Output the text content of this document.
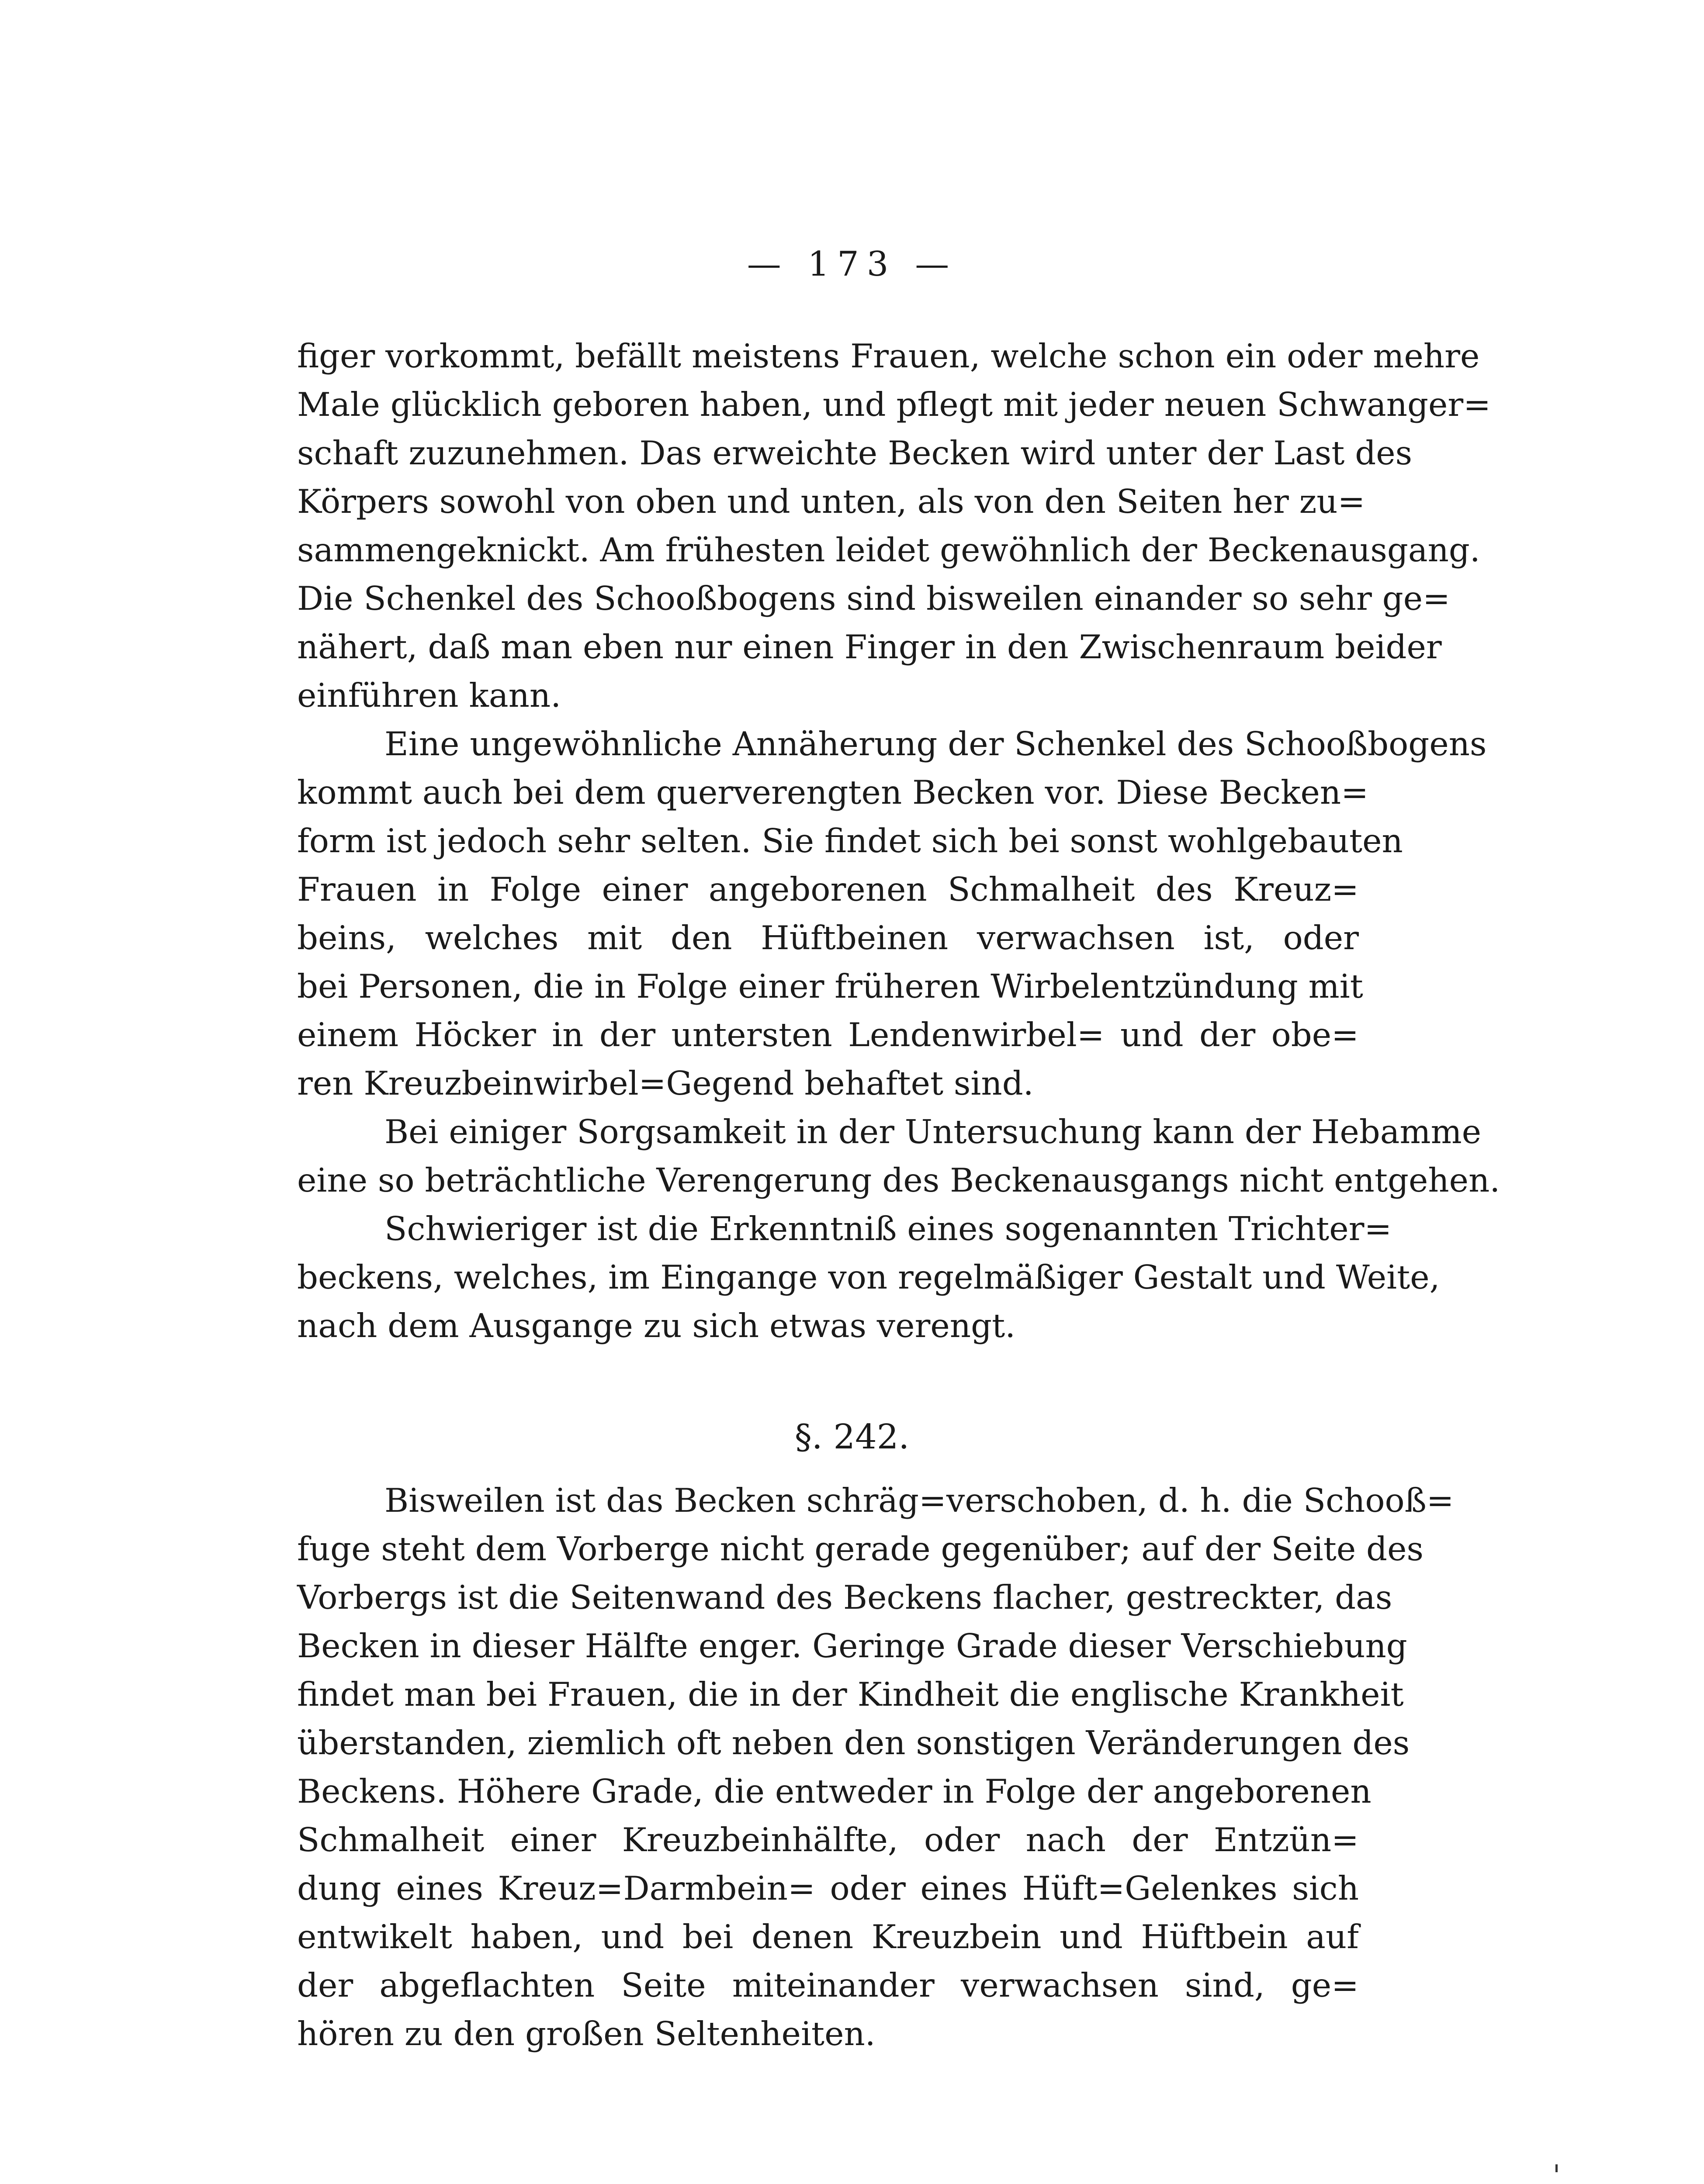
— 173 —
figer vorkommt, befällt meistens Frauen, welche schon ein oder mehre
Male glücklich geboren haben, und pflegt mit jeder neuen Schwanger=
schaft zuzunehmen. Das erweichte Becken wird unter der Last des
Körpers sowohl von oben und unten, als von den Seiten her zu=
sammengeknickt. Am frühesten leidet gewöhnlich der Beckenausgang.
Die Schenkel des Schooßbogens sind bisweilen einander so sehr ge=
nähert, daß man eben nur einen Finger in den Zwischenraum beider
einführen kann.
Eine ungewöhnliche Annäherung der Schenkel des Schooßbogens
kommt auch bei dem querverengten Becken vor. Diese Becken=
form ist jedoch sehr selten. Sie findet sich bei sonst wohlgebauten
Frauen in Folge einer angeborenen Schmalheit des Kreuz=
beins, welches mit den Hüftbeinen verwachsen ist, oder
bei Personen, die in Folge einer früheren Wirbelentzündung mit
einem Höcker in der untersten Lendenwirbel= und der obe=
ren Kreuzbeinwirbel=Gegend behaftet sind.
Bei einiger Sorgsamkeit in der Untersuchung kann der Hebamme
eine so beträchtliche Verengerung des Beckenausgangs nicht entgehen.
Schwieriger ist die Erkenntniß eines sogenannten Trichter=
beckens, welches, im Eingange von regelmäßiger Gestalt und Weite,
nach dem Ausgange zu sich etwas verengt.
§. 242.
Bisweilen ist das Becken schräg=verschoben, d. h. die Schooß=
fuge steht dem Vorberge nicht gerade gegenüber; auf der Seite des
Vorbergs ist die Seitenwand des Beckens flacher, gestreckter, das
Becken in dieser Hälfte enger. Geringe Grade dieser Verschiebung
findet man bei Frauen, die in der Kindheit die englische Krankheit
überstanden, ziemlich oft neben den sonstigen Veränderungen des
Beckens. Höhere Grade, die entweder in Folge der angeborenen
Schmalheit einer Kreuzbeinhälfte, oder nach der Entzün=
dung eines Kreuz=Darmbein= oder eines Hüft=Gelenkes sich
entwikelt haben, und bei denen Kreuzbein und Hüftbein auf
der abgeflachten Seite miteinander verwachsen sind, ge=
hören zu den großen Seltenheiten.
